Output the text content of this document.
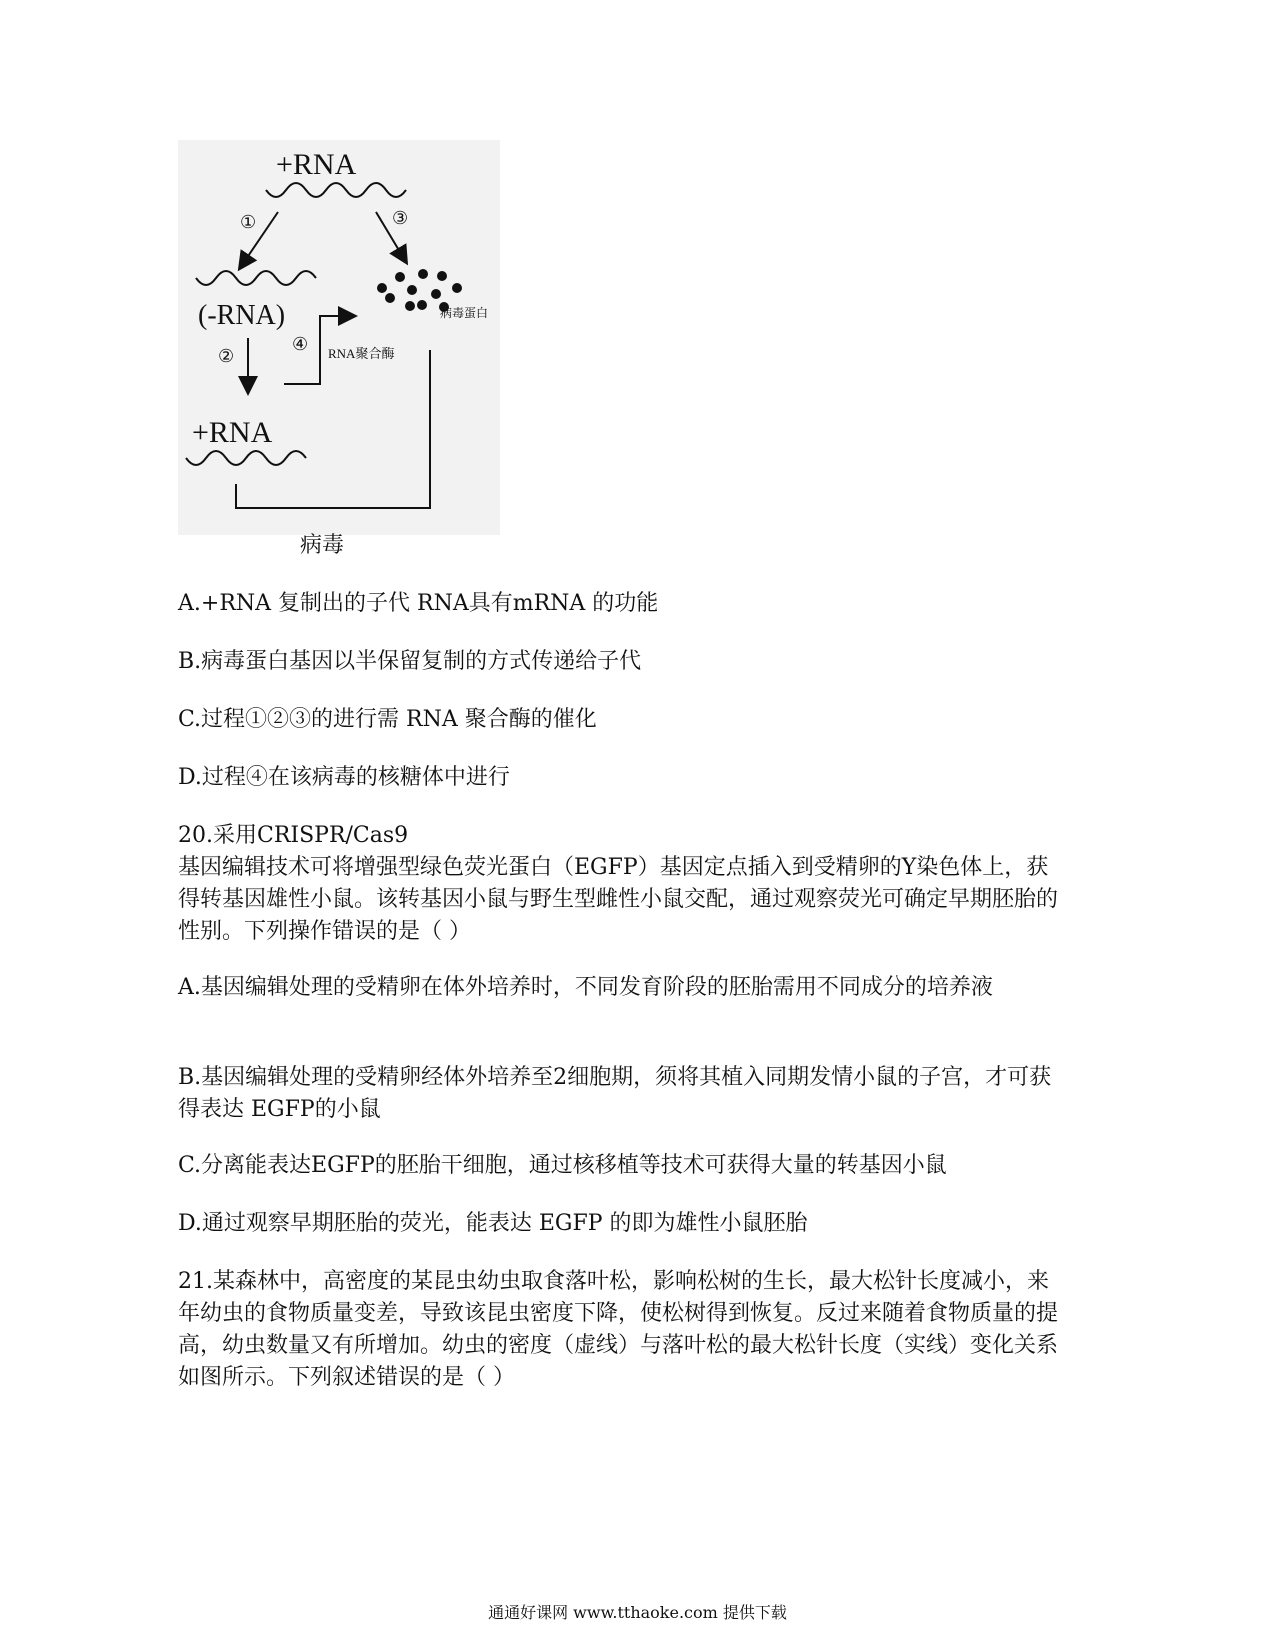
+RNA
①	③
病毒蛋白
(-RNA)
②
④ RNA聚合酶
+RNA
病毒

A.+RNA 复制出的子代 RNA具有mRNA 的功能

B.病毒蛋白基因以半保留复制的方式传递给子代

C.过程①②③的进行需 RNA 聚合酶的催化

D.过程④在该病毒的核糖体中进行

20.采用CRISPR/Cas9

基因编辑技术可将增强型绿色荧光蛋白（EGFP）基因定点插入到受精卵的Y染色体上，获得转基因雄性小鼠。该转基因小鼠与野生型雌性小鼠交配，通过观察荧光可确定早期胚胎的性别。下列操作错误的是（ ）

A.基因编辑处理的受精卵在体外培养时，不同发育阶段的胚胎需用不同成分的培养液

B.基因编辑处理的受精卵经体外培养至2细胞期，须将其植入同期发情小鼠的子宫，才可获得表达 EGFP的小鼠

C.分离能表达EGFP的胚胎干细胞，通过核移植等技术可获得大量的转基因小鼠

D.通过观察早期胚胎的荧光，能表达 EGFP 的即为雄性小鼠胚胎

21.某森林中，高密度的某昆虫幼虫取食落叶松，影响松树的生长，最大松针长度减小，来年幼虫的食物质量变差，导致该昆虫密度下降，使松树得到恢复。反过来随着食物质量的提高，幼虫数量又有所增加。幼虫的密度（虚线）与落叶松的最大松针长度（实线）变化关系如图所示。下列叙述错误的是（ ）

通通好课网 www.tthaoke.com 提供下载
